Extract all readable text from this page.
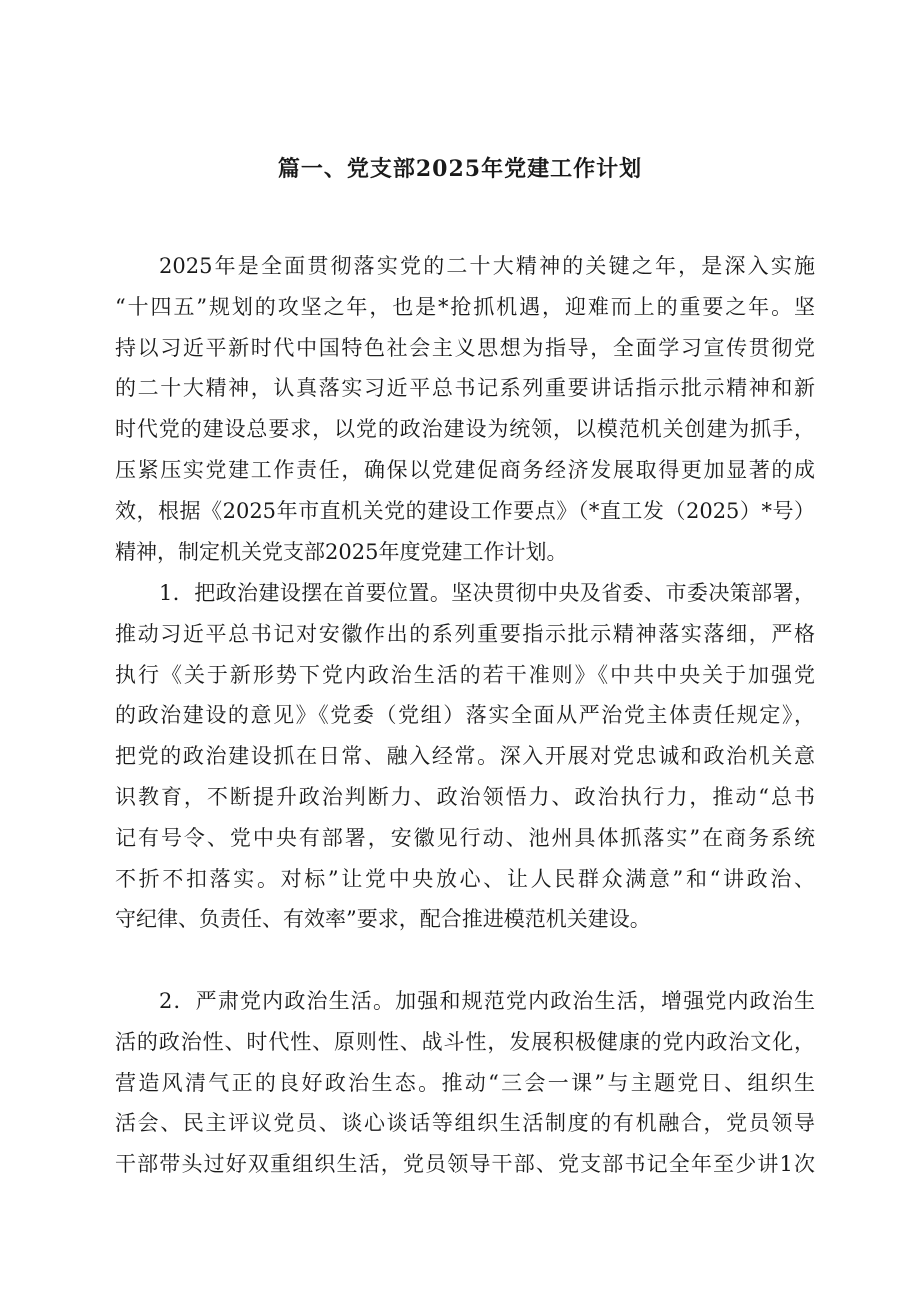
篇一、党支部2025年党建工作计划
2025年是全面贯彻落实党的二十大精神的关键之年，是深入实施
“十四五”规划的攻坚之年，也是*抢抓机遇，迎难而上的重要之年。坚
持以习近平新时代中国特色社会主义思想为指导，全面学习宣传贯彻党
的二十大精神，认真落实习近平总书记系列重要讲话指示批示精神和新
时代党的建设总要求，以党的政治建设为统领，以模范机关创建为抓手，
压紧压实党建工作责任，确保以党建促商务经济发展取得更加显著的成
效，根据《2025年市直机关党的建设工作要点》（*直工发（2025）*号）
精神，制定机关党支部2025年度党建工作计划。
1．把政治建设摆在首要位置。坚决贯彻中央及省委、市委决策部署，
推动习近平总书记对安徽作出的系列重要指示批示精神落实落细，严格
执行《关于新形势下党内政治生活的若干准则》《中共中央关于加强党
的政治建设的意见》《党委（党组）落实全面从严治党主体责任规定》，
把党的政治建设抓在日常、融入经常。深入开展对党忠诚和政治机关意
识教育，不断提升政治判断力、政治领悟力、政治执行力，推动“总书
记有号令、党中央有部署，安徽见行动、池州具体抓落实”在商务系统
不折不扣落实。对标”让党中央放心、让人民群众满意”和“讲政治、
守纪律、负责任、有效率”要求，配合推进模范机关建设。
2．严肃党内政治生活。加强和规范党内政治生活，增强党内政治生
活的政治性、时代性、原则性、战斗性，发展积极健康的党内政治文化，
营造风清气正的良好政治生态。推动“三会一课”与主题党日、组织生
活会、民主评议党员、谈心谈话等组织生活制度的有机融合，党员领导
干部带头过好双重组织生活，党员领导干部、党支部书记全年至少讲1次
